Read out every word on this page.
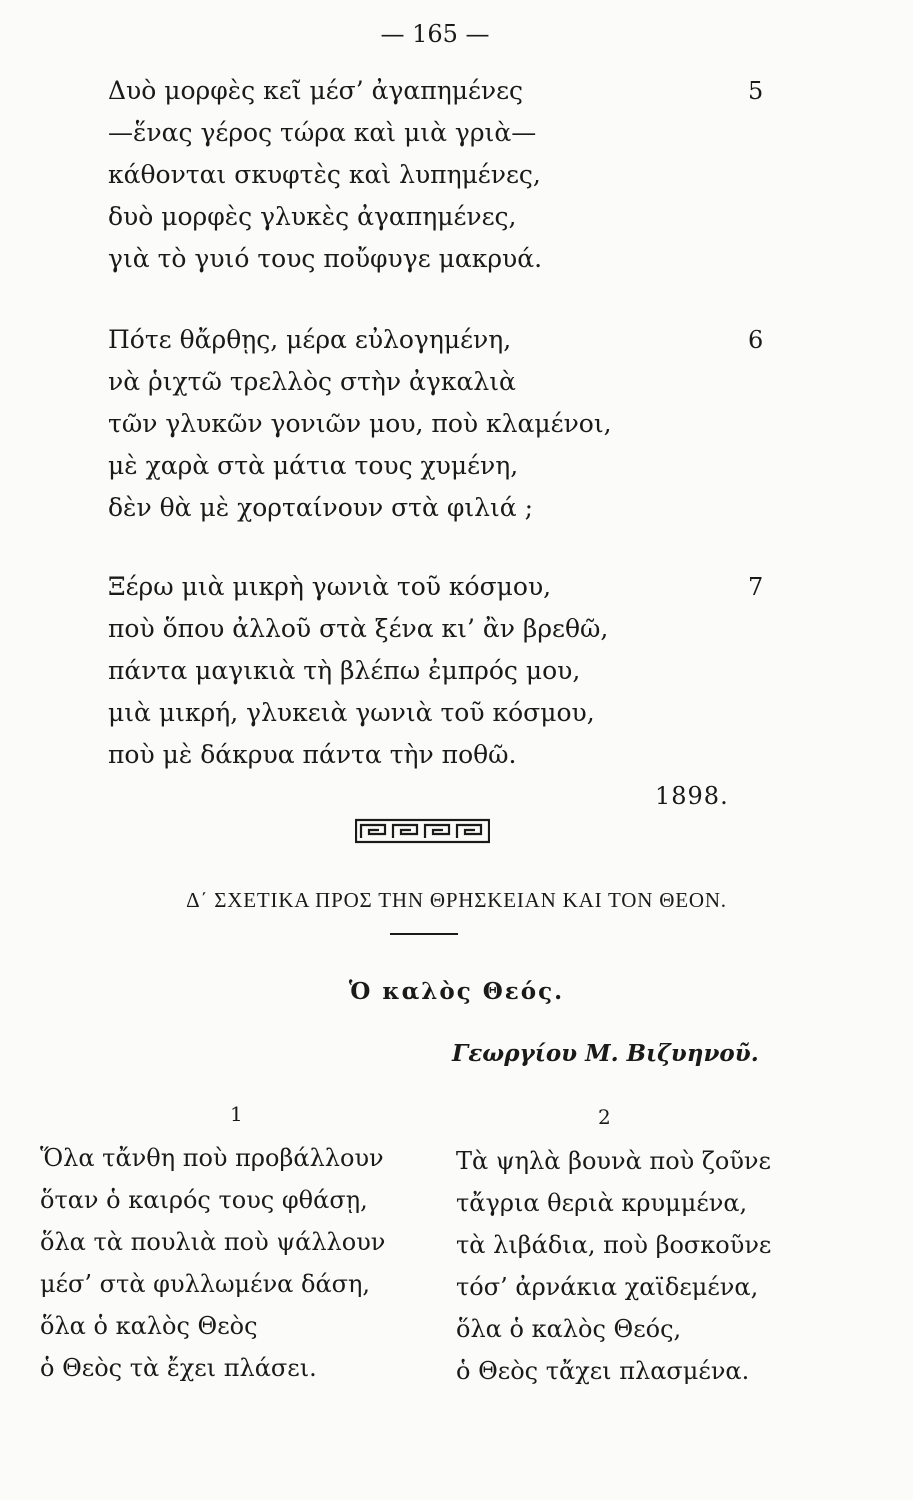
— 165 —
Δυὸ μορφὲς κεῖ μέσ’ ἀγαπημένες
—ἕνας γέρος τώρα καὶ μιὰ γριὰ—
κάθονται σκυφτὲς καὶ λυπημένες,
δυὸ μορφὲς γλυκὲς ἀγαπημένες,
γιὰ τὸ γυιό τους ποὔφυγε μακρυά.
5
Πότε θἄρθῃς, μέρα εὐλογημένη,
νὰ ῥιχτῶ τρελλὸς στὴν ἀγκαλιὰ
τῶν γλυκῶν γονιῶν μου, ποὺ κλαμένοι,
μὲ χαρὰ στὰ μάτια τους χυμένη,
δὲν θὰ μὲ χορταίνουν στὰ φιλιά ;
6
Ξέρω μιὰ μικρὴ γωνιὰ τοῦ κόσμου,
ποὺ ὅπου ἀλλοῦ στὰ ξένα κι’ ἂν βρεθῶ,
πάντα μαγικιὰ τὴ βλέπω ἐμπρός μου,
μιὰ μικρή, γλυκειὰ γωνιὰ τοῦ κόσμου,
ποὺ μὲ δάκρυα πάντα τὴν ποθῶ.
7
1898.
Δ΄ ΣΧΕΤΙΚΑ ΠΡΟΣ ΤΗΝ ΘΡΗΣΚΕΙΑΝ ΚΑΙ ΤΟΝ ΘΕΟΝ.
Ὁ καλὸς Θεός.
Γεωργίου Μ. Βιζυηνοῦ.
1	2
Ὅλα τἄνθη ποὺ προβάλλουν
ὅταν ὁ καιρός τους φθάσῃ,
ὅλα τὰ πουλιὰ ποὺ ψάλλουν
μέσ’ στὰ φυλλωμένα δάση,
ὅλα ὁ καλὸς Θεὸς
ὁ Θεὸς τὰ ἔχει πλάσει.
Τὰ ψηλὰ βουνὰ ποὺ ζοῦνε
τἄγρια θεριὰ κρυμμένα,
τὰ λιβάδια, ποὺ βοσκοῦνε
τόσ’ ἀρνάκια χαϊδεμένα,
ὅλα ὁ καλὸς Θεός,
ὁ Θεὸς τἄχει πλασμένα.
